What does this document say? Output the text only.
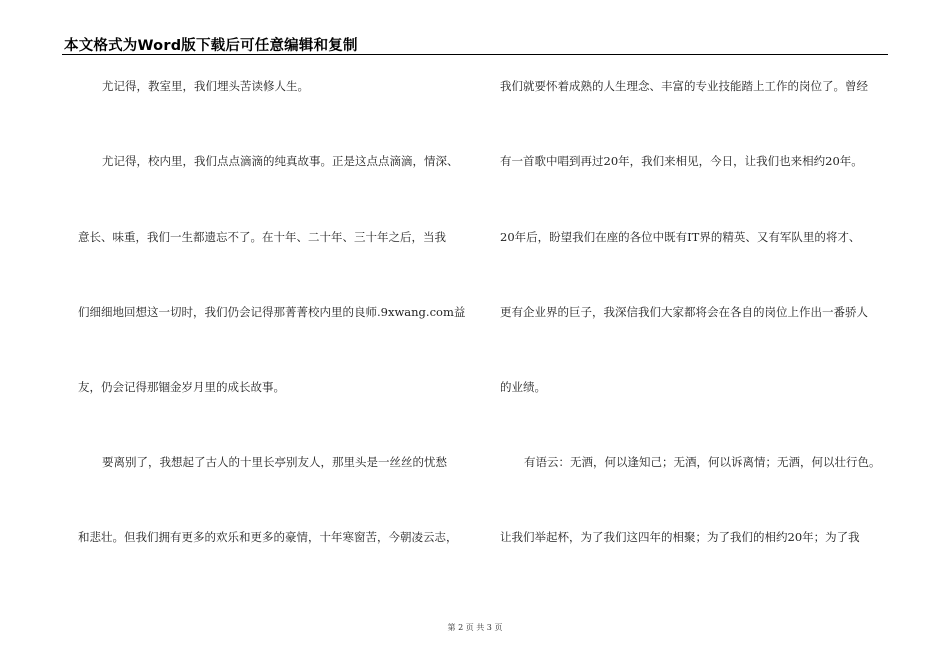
本文格式为Word版下载后可任意编辑和复制
尤记得，教室里，我们埋头苦读修人生。
尤记得，校内里，我们点点滴滴的纯真故事。正是这点点滴滴，情深、
意长、味重，我们一生都遗忘不了。在十年、二十年、三十年之后，当我
们细细地回想这一切时，我们仍会记得那菁菁校内里的良师.9xwang.com益
友，仍会记得那锢金岁月里的成长故事。
要离别了，我想起了古人的十里长亭别友人，那里头是一丝丝的忧愁
和悲壮。但我们拥有更多的欢乐和更多的豪情，十年寒窗苦，今朝凌云志，
我们就要怀着成熟的人生理念、丰富的专业技能踏上工作的岗位了。曾经
有一首歌中唱到再过20年，我们来相见，今日，让我们也来相约20年。
20年后，盼望我们在座的各位中既有IT界的精英、又有军队里的将才、
更有企业界的巨子，我深信我们大家都将会在各自的岗位上作出一番骄人
的业绩。
有语云：无酒，何以逢知己；无酒，何以诉离情；无酒，何以壮行色。
让我们举起杯，为了我们这四年的相聚；为了我们的相约20年；为了我
第 2 页 共 3 页
